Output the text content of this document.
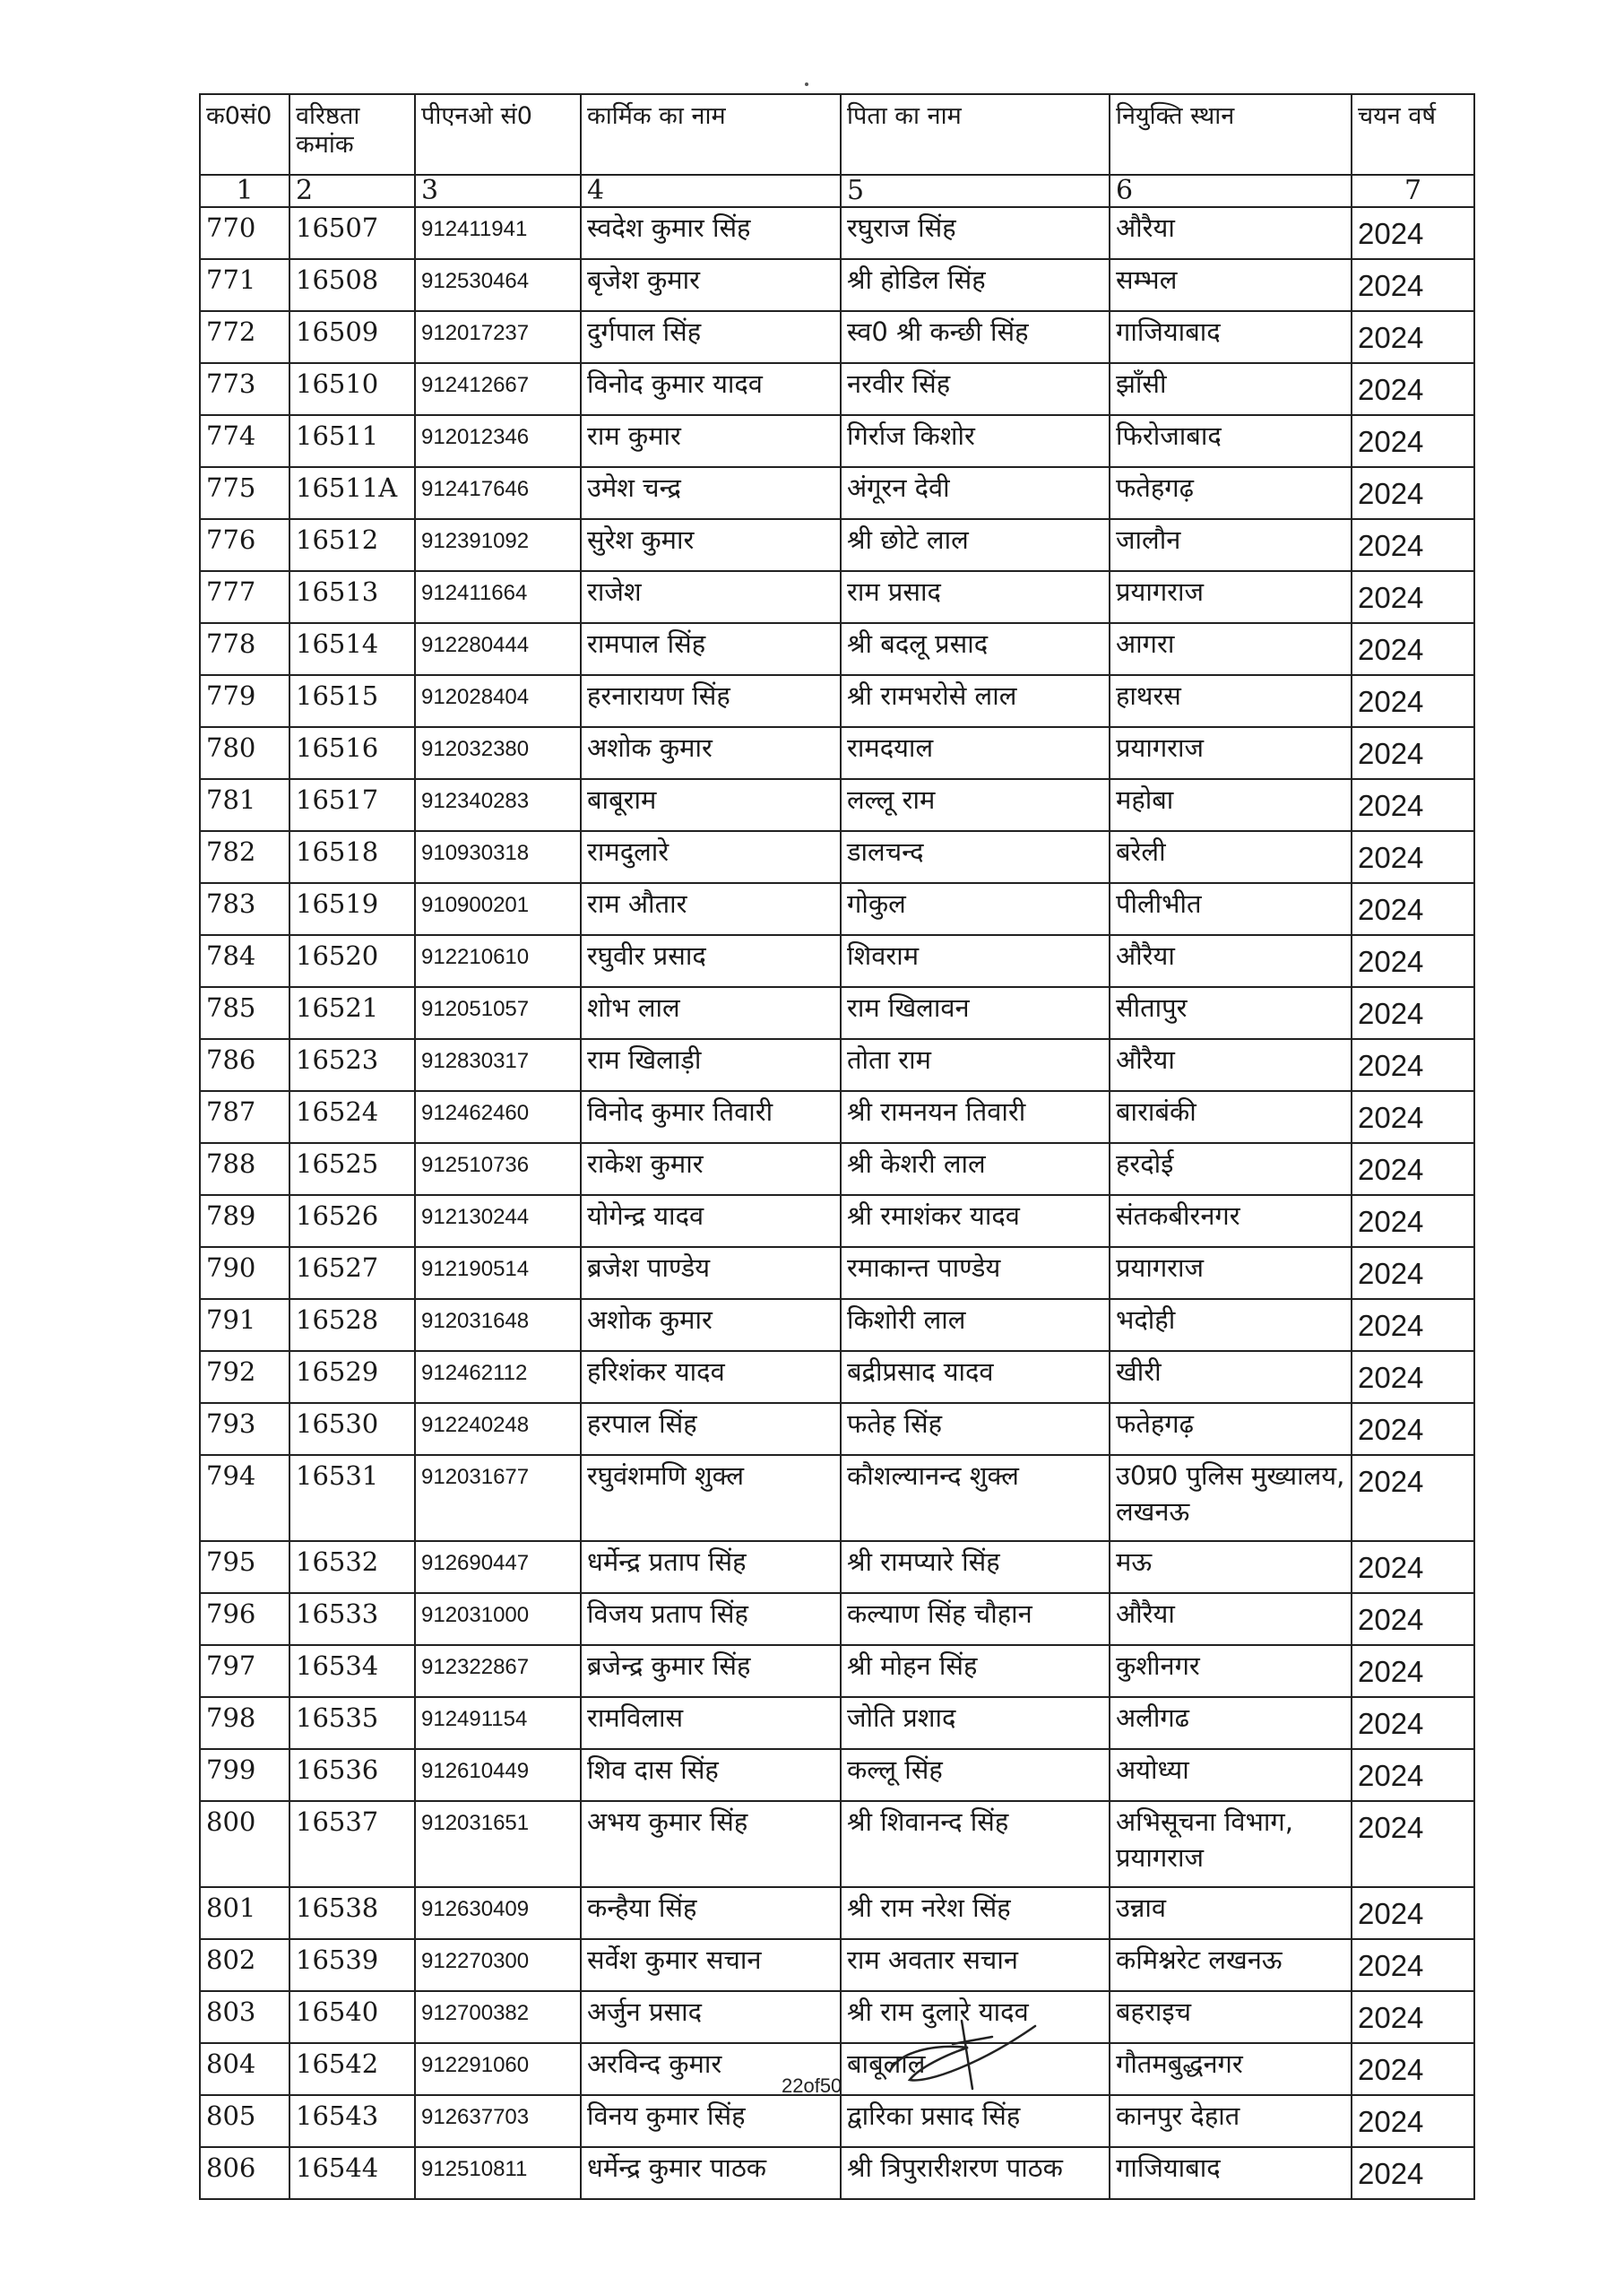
क0सं0	वरिष्ठता कमांक	पीएनओ सं0	कार्मिक का नाम	पिता का नाम	नियुक्ति स्थान	चयन वर्ष
1	2	3	4	5	6	7
770	16507	912411941	स्वदेश कुमार सिंह	रघुराज सिंह	औरैया	2024
771	16508	912530464	बृजेश कुमार	श्री होडिल सिंह	सम्भल	2024
772	16509	912017237	दुर्गपाल सिंह	स्व0 श्री कन्छी सिंह	गाजियाबाद	2024
773	16510	912412667	विनोद कुमार यादव	नरवीर सिंह	झाँसी	2024
774	16511	912012346	राम कुमार	गिर्राज किशोर	फिरोजाबाद	2024
775	16511A	912417646	उमेश चन्द्र	अंगूरन देवी	फतेहगढ़	2024
776	16512	912391092	सुरेश कुमार	श्री छोटे लाल	जालौन	2024
777	16513	912411664	राजेश	राम प्रसाद	प्रयागराज	2024
778	16514	912280444	रामपाल सिंह	श्री बदलू प्रसाद	आगरा	2024
779	16515	912028404	हरनारायण सिंह	श्री रामभरोसे लाल	हाथरस	2024
780	16516	912032380	अशोक कुमार	रामदयाल	प्रयागराज	2024
781	16517	912340283	बाबूराम	लल्लू राम	महोबा	2024
782	16518	910930318	रामदुलारे	डालचन्द	बरेली	2024
783	16519	910900201	राम औतार	गोकुल	पीलीभीत	2024
784	16520	912210610	रघुवीर प्रसाद	शिवराम	औरैया	2024
785	16521	912051057	शोभ लाल	राम खिलावन	सीतापुर	2024
786	16523	912830317	राम खिलाड़ी	तोता राम	औरैया	2024
787	16524	912462460	विनोद कुमार तिवारी	श्री रामनयन तिवारी	बाराबंकी	2024
788	16525	912510736	राकेश कुमार	श्री केशरी लाल	हरदोई	2024
789	16526	912130244	योगेन्द्र यादव	श्री रमाशंकर यादव	संतकबीरनगर	2024
790	16527	912190514	ब्रजेश पाण्डेय	रमाकान्त पाण्डेय	प्रयागराज	2024
791	16528	912031648	अशोक कुमार	किशोरी लाल	भदोही	2024
792	16529	912462112	हरिशंकर यादव	बद्रीप्रसाद यादव	खीरी	2024
793	16530	912240248	हरपाल सिंह	फतेह सिंह	फतेहगढ़	2024
794	16531	912031677	रघुवंशमणि शुक्ल	कौशल्यानन्द शुक्ल	उ0प्र0 पुलिस मुख्यालय, लखनऊ	2024
795	16532	912690447	धर्मेन्द्र प्रताप सिंह	श्री रामप्यारे सिंह	मऊ	2024
796	16533	912031000	विजय प्रताप सिंह	कल्याण सिंह चौहान	औरैया	2024
797	16534	912322867	ब्रजेन्द्र कुमार सिंह	श्री मोहन सिंह	कुशीनगर	2024
798	16535	912491154	रामविलास	जोति प्रशाद	अलीगढ	2024
799	16536	912610449	शिव दास सिंह	कल्लू सिंह	अयोध्या	2024
800	16537	912031651	अभय कुमार सिंह	श्री शिवानन्द सिंह	अभिसूचना विभाग, प्रयागराज	2024
801	16538	912630409	कन्हैया सिंह	श्री राम नरेश सिंह	उन्नाव	2024
802	16539	912270300	सर्वेश कुमार सचान	राम अवतार सचान	कमिश्नरेट लखनऊ	2024
803	16540	912700382	अर्जुन प्रसाद	श्री राम दुलारे यादव	बहराइच	2024
804	16542	912291060	अरविन्द कुमार	बाबूलाल	गौतमबुद्धनगर	2024
805	16543	912637703	विनय कुमार सिंह	द्वारिका प्रसाद सिंह	कानपुर देहात	2024
806	16544	912510811	धर्मेन्द्र कुमार पाठक	श्री त्रिपुरारीशरण पाठक	गाजियाबाद	2024
22of50
